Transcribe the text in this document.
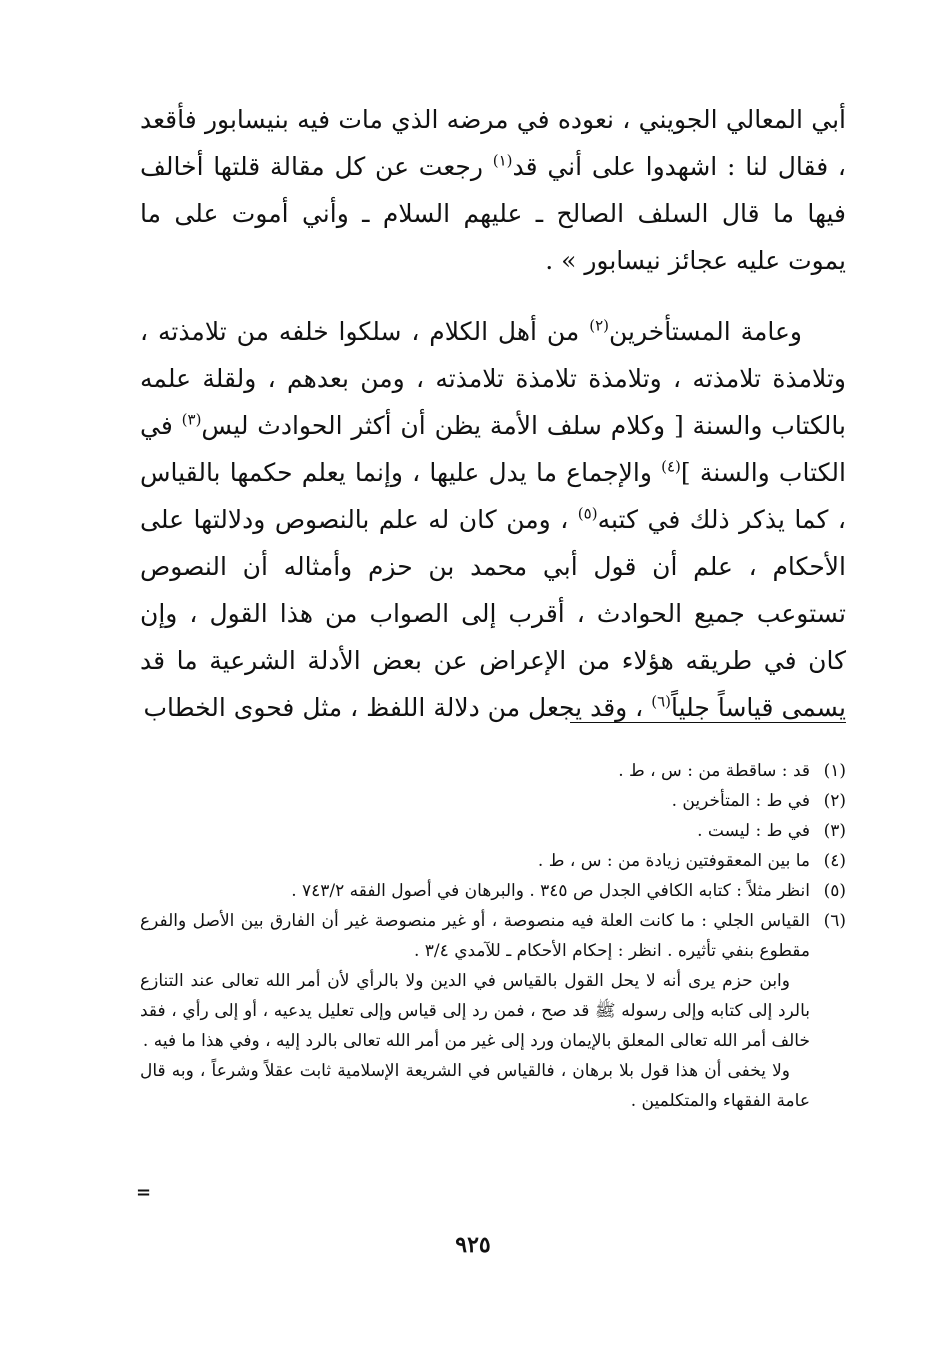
أبي المعالي الجويني ، نعوده في مرضه الذي مات فيه بنيسابور فأقعد ، فقال لنا : اشهدوا على أني قد$^{(١)}$ رجعت عن كل مقالة قلتها أخالف فيها ما قال السلف الصالح ـ عليهم السلام ـ وأني أموت على ما يموت عليه عجائز نيسابور » .

وعامة المستأخرين$^{(٢)}$ من أهل الكلام ، سلكوا خلفه من تلامذته ، وتلامذة تلامذته ، وتلامذة تلامذة تلامذته ، ومن بعدهم ، ولقلة علمه بالكتاب والسنة [ وكلام سلف الأمة يظن أن أكثر الحوادث ليس$^{(٣)}$ في الكتاب والسنة ]$^{(٤)}$ والإجماع ما يدل عليها ، وإنما يعلم حكمها بالقياس ، كما يذكر ذلك في كتبه$^{(٥)}$ ، ومن كان له علم بالنصوص ودلالتها على الأحكام ، علم أن قول أبي محمد بن حزم وأمثاله أن النصوص تستوعب جميع الحوادث ، أقرب إلى الصواب من هذا القول ، وإن كان في طريقه هؤلاء من الإعراض عن بعض الأدلة الشرعية ما قد يسمى قياساً جلياً$^{(٦)}$ ، وقد يجعل من دلالة اللفظ ، مثل فحوى الخطاب

(١)
قد : ساقطة من : س ، ط .
(٢)
في ط : المتأخرين .
(٣)
في ط : ليست .
(٤)
ما بين المعقوفتين زيادة من : س ، ط .
(٥)
انظر مثلاً : كتابه الكافي الجدل ص ٣٤٥ . والبرهان في أصول الفقه ٧٤٣/٢ .
(٦)
القياس الجلي : ما كانت العلة فيه منصوصة ، أو غير منصوصة غير أن الفارق بين الأصل والفرع مقطوع بنفي تأثيره . انظر : إحكام الأحكام ـ للآمدي ٣/٤ .
وابن حزم يرى أنه لا يحل القول بالقياس في الدين ولا بالرأي لأن أمر الله تعالى عند التنازع بالرد إلى كتابه وإلى رسوله ﷺ قد صح ، فمن رد إلى قياس وإلى تعليل يدعيه ، أو إلى رأي ، فقد خالف أمر الله تعالى المعلق بالإيمان ورد إلى غير من أمر الله تعالى بالرد إليه ، وفي هذا ما فيه .
ولا يخفى أن هذا قول بلا برهان ، فالقياس في الشريعة الإسلامية ثابت عقلاً وشرعاً ، وبه قال عامة الفقهاء والمتكلمين .
=
٩٢٥
